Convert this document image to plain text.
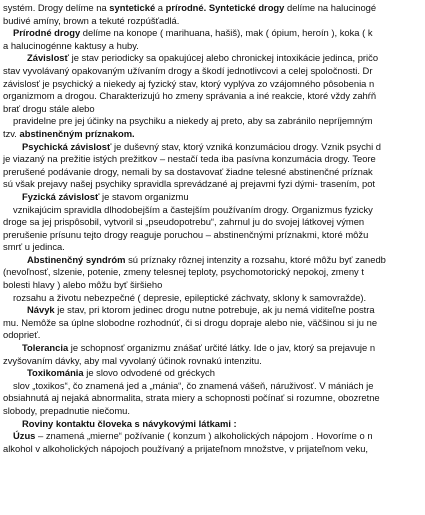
systém. Drogy delíme na syntetické a prírodné. Syntetické drogy delíme na halucinogé
budivé amíny, brown a tekuté rozpúšťadlá.
Prírodné drogy delíme na konope ( marihuana, hašiš), mak ( ópium, heroín ), koka ( k
a halucinogénne kaktusy a huby.
Závislosť je stav periodicky sa opakujúcej alebo chronickej intoxikácie jedinca, pričo
stav vyvolávaný opakovaným užívaním drogy a škodí jednotlivcovi a celej spoločnosti. Dr
závislosť je psychický a niekedy aj fyzický stav, ktorý vyplýva zo vzájomného pôsobenia n
organizmom a drogou. Charakterizujú ho zmeny správania a iné reakcie, ktoré vždy zahŕň
brať drogu stále alebo
pravidelne pre jej účinky na psychiku a niekedy aj preto, aby sa zabránilo nepríjemným
tzv. abstinenčným príznakom.
Psychická závislosť je duševný stav, ktorý vzniká konzumáciou drogy. Vznik psychi d
je viazaný na prežitie istých prežitkov – nestačí teda iba pasívna konzumácia drogy. Teore
prerušené podávanie drogy, nemali by sa dostavovať žiadne telesné abstinenčné príznak
sú však prejavy našej psychiky spravidla sprevádzané aj prejavmi fyzi dými- trasením, pot
Fyzická závislosť je stavom organizmu
vznikajúcim spravidla dlhodobejším a častejším používaním drogy. Organizmus fyzicky
droge sa jej prispôsobil, vytvoril si „pseudopotrebu“, zahrnul ju do svojej látkovej výmen
prerušenie prísunu tejto drogy reaguje poruchou – abstinenčnými príznakmi, ktoré môžu
smrť u jedinca.
Abstinenčný syndróm sú príznaky rôznej intenzity a rozsahu, ktoré môžu byť zanedb
(nevoľnosť, slzenie, potenie, zmeny telesnej teploty, psychomotorický nepokoj, zmeny t
bolesti hlavy ) alebo môžu byť širšieho
rozsahu a životu nebezpečné ( depresie, epileptické záchvaty, sklony k samovražde).
Návyk je stav, pri ktorom jedinec drogu nutne potrebuje, ak ju nemá viditeľne postra
mu. Nemôže sa úplne slobodne rozhodnúť, či si drogu dopraje alebo nie, väčšinou si ju ne
odoprieť.
Tolerancia je schopnosť organizmu znášať určité látky. Ide o jav, ktorý sa prejavuje n
zvyšovaním dávky, aby mal vyvolaný účinok rovnakú intenzitu.
Toxikománia je slovo odvodené od gréckych
slov „toxikos“, čo znamená jed a „mánia“, čo znamená vášeň, náruživosť. V mániách je
obsiahnutá aj nejaká abnormalita, strata miery a schopnosti počínať si rozumne, obozretne
slobody, prepadnutie niečomu.
Roviny kontaktu človeka s návykovými látkami :
Úzus – znamená „mierne“ požívanie ( konzum ) alkoholických nápojom . Hovoríme o n
alkohol v alkoholických nápojoch používaný a prijateľnom množstve, v prijateľnom veku,
